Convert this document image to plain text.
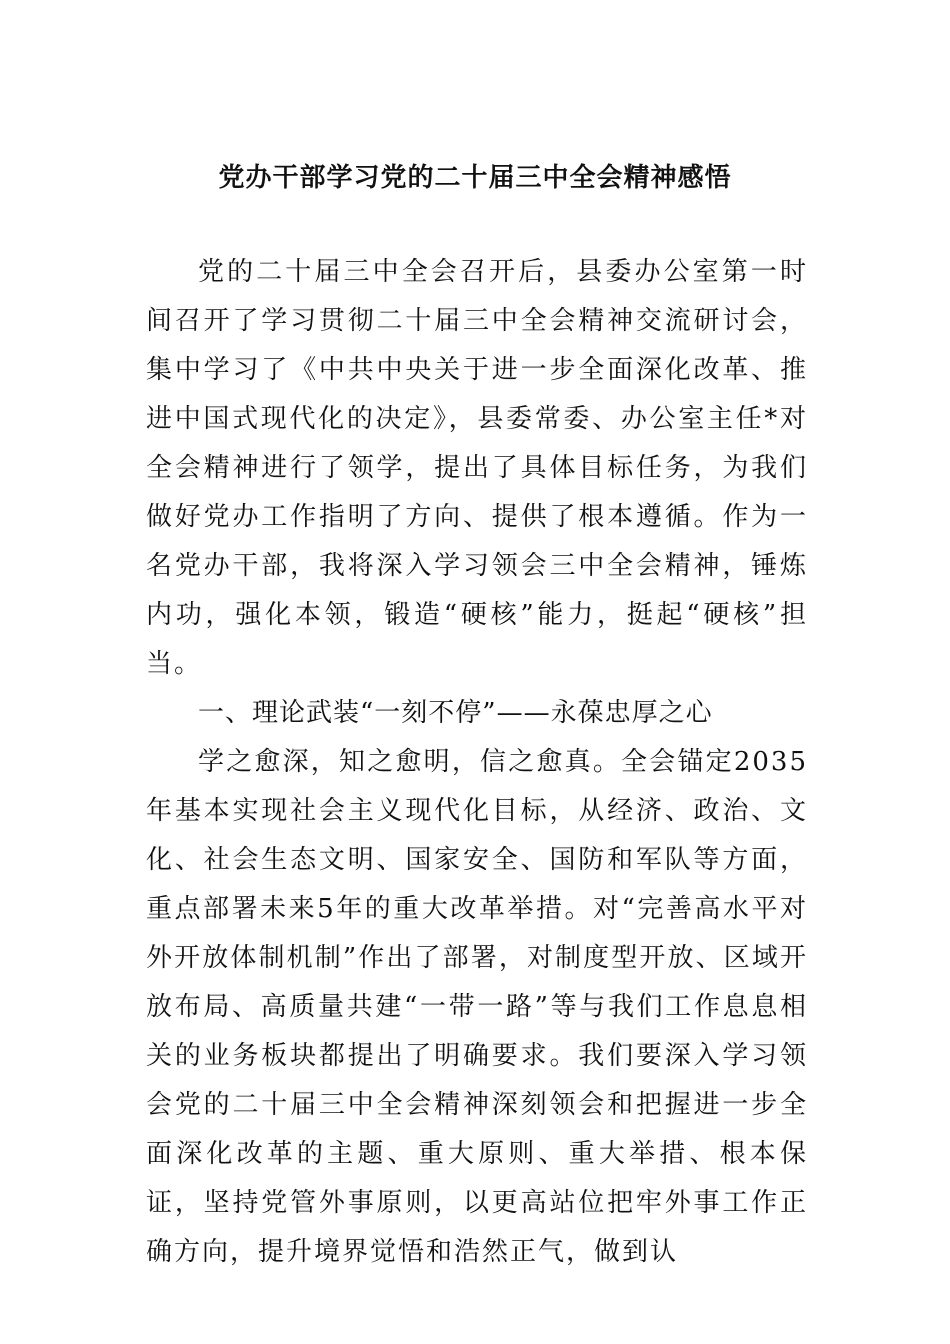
党办干部学习党的二十届三中全会精神感悟

党的二十届三中全会召开后，县委办公室第一时间召开了学习贯彻二十届三中全会精神交流研讨会，集中学习了《中共中央关于进一步全面深化改革、推进中国式现代化的决定》，县委常委、办公室主任*对全会精神进行了领学，提出了具体目标任务，为我们做好党办工作指明了方向、提供了根本遵循。作为一名党办干部，我将深入学习领会三中全会精神，锤炼内功，强化本领，锻造“硬核”能力，挺起“硬核”担当。

一、理论武装“一刻不停”——永葆忠厚之心

学之愈深，知之愈明，信之愈真。全会锚定2035年基本实现社会主义现代化目标，从经济、政治、文化、社会生态文明、国家安全、国防和军队等方面，重点部署未来5年的重大改革举措。对“完善高水平对外开放体制机制”作出了部署，对制度型开放、区域开放布局、高质量共建“一带一路”等与我们工作息息相关的业务板块都提出了明确要求。我们要深入学习领会党的二十届三中全会精神深刻领会和把握进一步全面深化改革的主题、重大原则、重大举措、根本保证，坚持党管外事原则，以更高站位把牢外事工作正确方向，提升境界觉悟和浩然正气，做到认
